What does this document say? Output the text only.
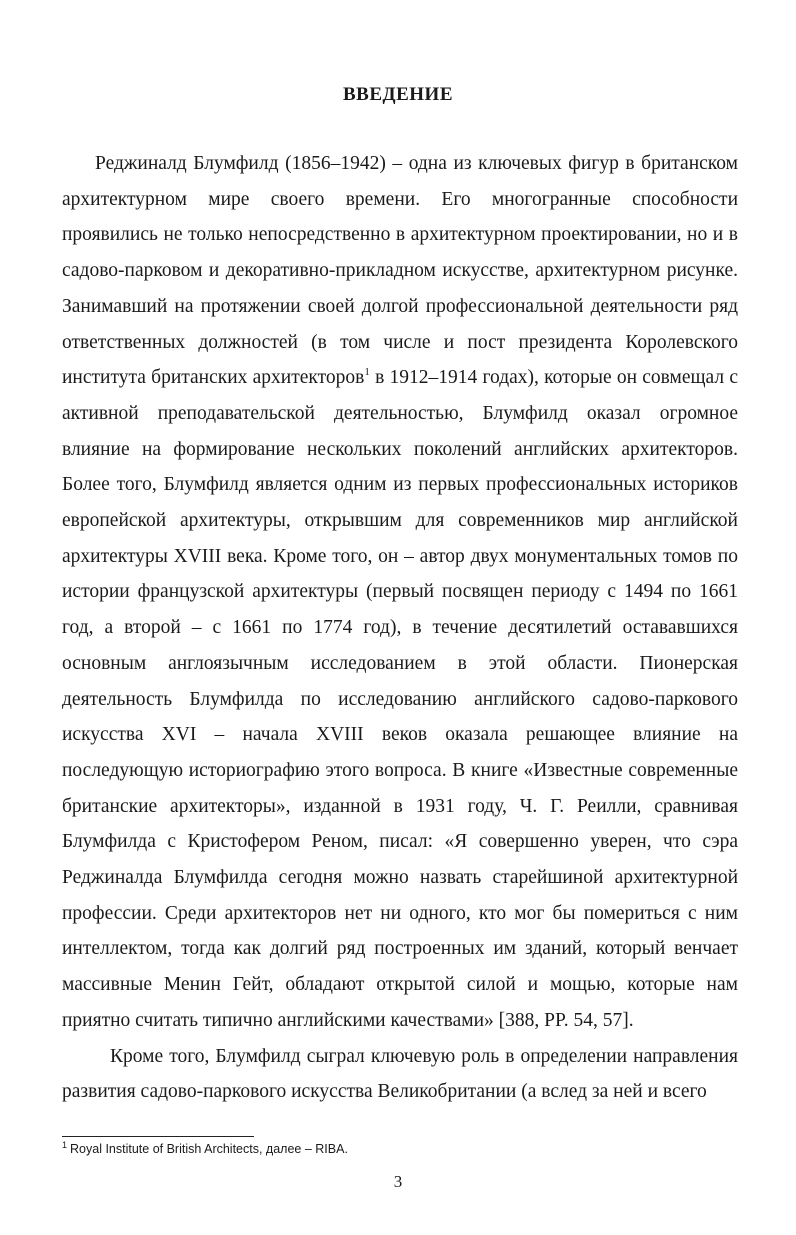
ВВЕДЕНИЕ

Реджиналд Блумфилд (1856–1942) – одна из ключевых фигур в британском архитектурном мире своего времени. Его многогранные способности проявились не только непосредственно в архитектурном проектировании, но и в садово-парковом и декоративно-прикладном искусстве, архитектурном рисунке. Занимавший на протяжении своей долгой профессиональной деятельности ряд ответственных должностей (в том числе и пост президента Королевского института британских архитекторов$^1$ в 1912–1914 годах), которые он совмещал с активной преподавательской деятельностью, Блумфилд оказал огромное влияние на формирование нескольких поколений английских архитекторов. Более того, Блумфилд является одним из первых профессиональных историков европейской архитектуры, открывшим для современников мир английской архитектуры XVIII века. Кроме того, он – автор двух монументальных томов по истории французской архитектуры (первый посвящен периоду с 1494 по 1661 год, а второй – с 1661 по 1774 год), в течение десятилетий остававшихся основным англоязычным исследованием в этой области. Пионерская деятельность Блумфилда по исследованию английского садово-паркового искусства XVI – начала XVIII веков оказала решающее влияние на последующую историографию этого вопроса. В книге «Известные современные британские архитекторы», изданной в 1931 году, Ч. Г. Реилли, сравнивая Блумфилда с Кристофером Реном, писал: «Я совершенно уверен, что сэра Реджиналда Блумфилда сегодня можно назвать старейшиной архитектурной профессии. Среди архитекторов нет ни одного, кто мог бы помериться с ним интеллектом, тогда как долгий ряд построенных им зданий, который венчает массивные Менин Гейт, обладают открытой силой и мощью, которые нам приятно считать типично английскими качествами» [388, PP. 54, 57].

Кроме того, Блумфилд сыграл ключевую роль в определении направления развития садово-паркового искусства Великобритании (а вслед за ней и всего

$^1$ Royal Institute of British Architects, далее – RIBA.
3
